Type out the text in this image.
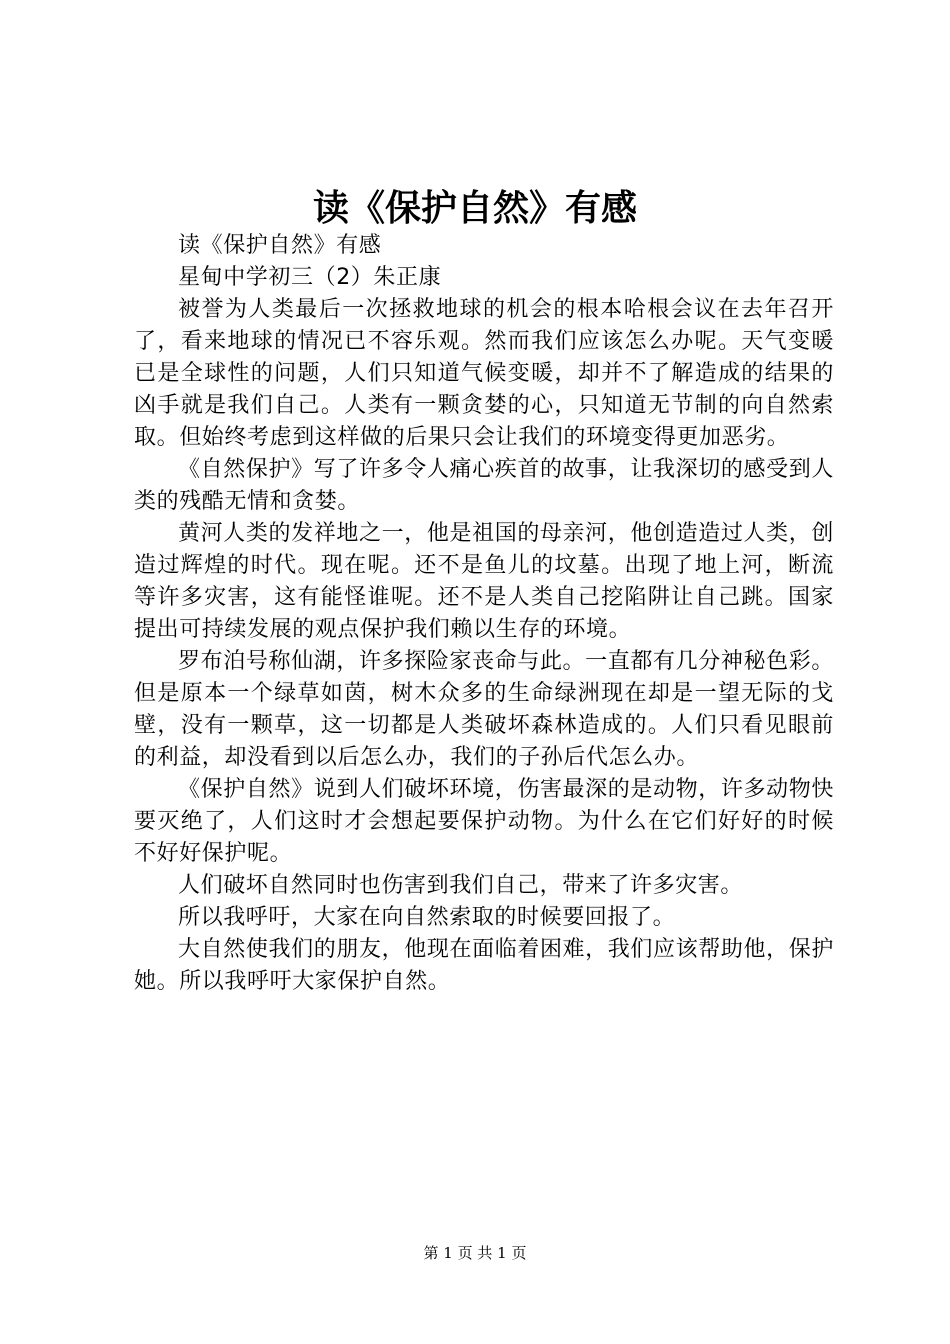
读《保护自然》有感

读《保护自然》有感

星甸中学初三（2）朱正康

被誉为人类最后一次拯救地球的机会的根本哈根会议在去年召开了，看来地球的情况已不容乐观。然而我们应该怎么办呢。天气变暖已是全球性的问题，人们只知道气候变暖，却并不了解造成的结果的凶手就是我们自己。人类有一颗贪婪的心，只知道无节制的向自然索取。但始终考虑到这样做的后果只会让我们的环境变得更加恶劣。

《自然保护》写了许多令人痛心疾首的故事，让我深切的感受到人类的残酷无情和贪婪。

黄河人类的发祥地之一，他是祖国的母亲河，他创造造过人类，创造过辉煌的时代。现在呢。还不是鱼儿的坟墓。出现了地上河，断流等许多灾害，这有能怪谁呢。还不是人类自己挖陷阱让自己跳。国家提出可持续发展的观点保护我们赖以生存的环境。

罗布泊号称仙湖，许多探险家丧命与此。一直都有几分神秘色彩。但是原本一个绿草如茵，树木众多的生命绿洲现在却是一望无际的戈壁，没有一颗草，这一切都是人类破坏森林造成的。人们只看见眼前的利益，却没看到以后怎么办，我们的子孙后代怎么办。

《保护自然》说到人们破坏环境，伤害最深的是动物，许多动物快要灭绝了，人们这时才会想起要保护动物。为什么在它们好好的时候不好好保护呢。

人们破坏自然同时也伤害到我们自己，带来了许多灾害。

所以我呼吁，大家在向自然索取的时候要回报了。

大自然使我们的朋友，他现在面临着困难，我们应该帮助他，保护她。所以我呼吁大家保护自然。

第 1 页 共 1 页
